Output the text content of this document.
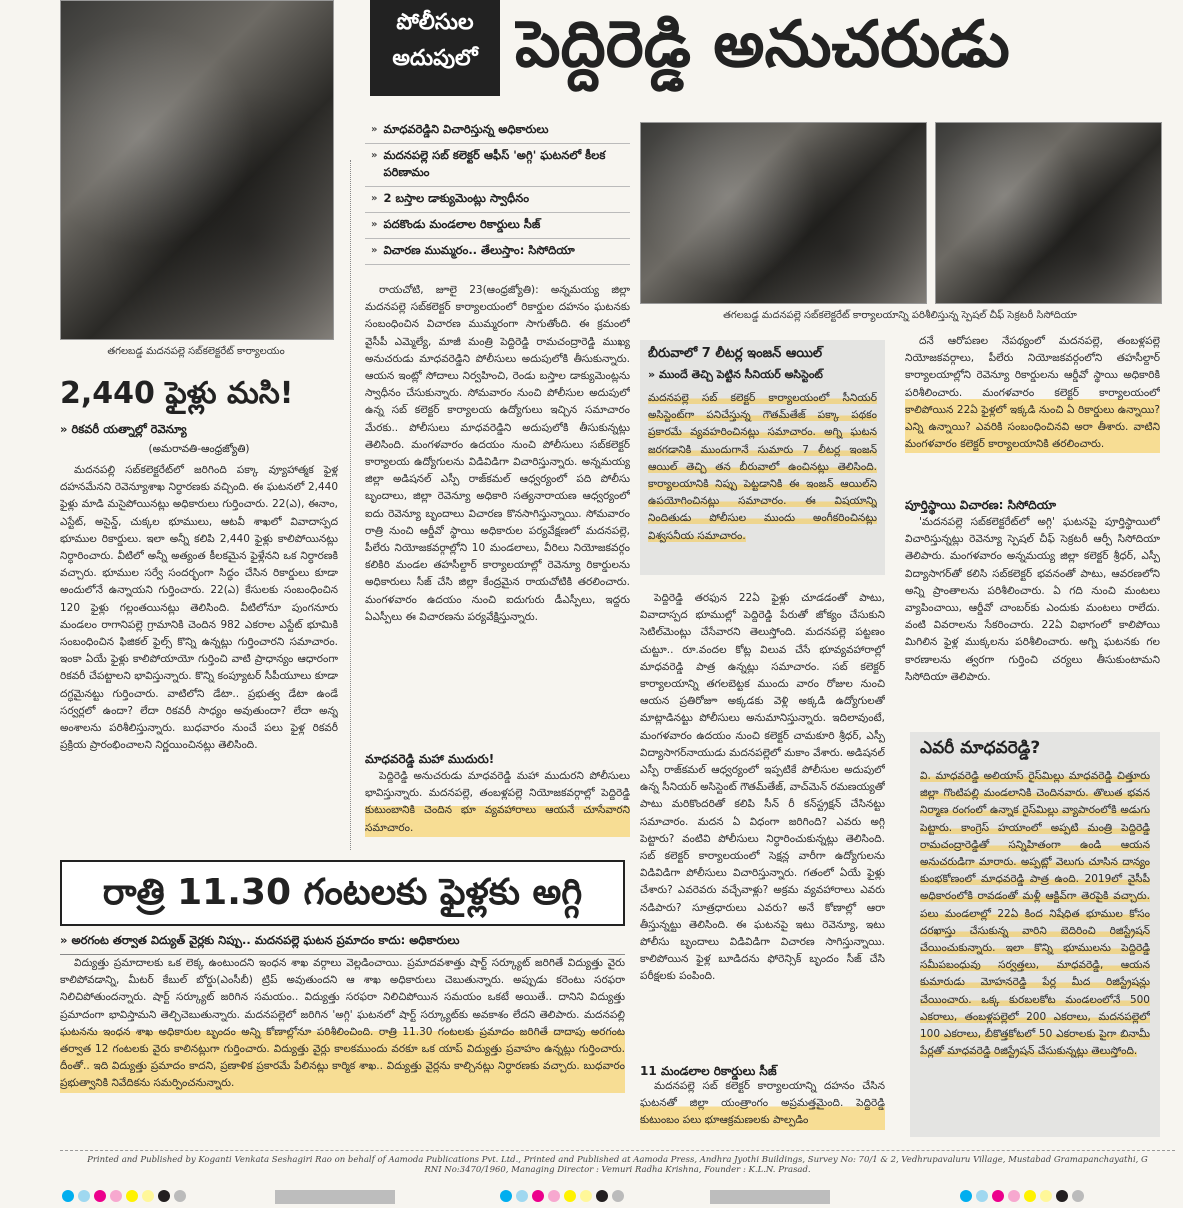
తగలబడ్డ మదనపల్లె సబ్‌కలెక్టరేట్ కార్యాలయం
పోలీసుల
అదుపులో పెద్దిరెడ్డి అనుచరుడు
» మాధవరెడ్డిని విచారిస్తున్న అధికారులు
» మదనపల్లె సబ్ కలెక్టర్ ఆఫీస్ 'అగ్గి' ఘటనలో కీలక పరిణామం
» 2 బస్తాల డాక్యుమెంట్లు స్వాధీనం
» పదకొండు మండలాల రికార్డులు సీజ్
» విచారణ ముమ్మరం.. తేలుస్తాం: సిసోదియా
తగలబడ్డ మదనపల్లె సబ్‌కలెక్టరేట్ కార్యాలయాన్ని పరిశీలిస్తున్న స్పెషల్ చీఫ్ సెక్రటరీ సిసోదియా
2,440 ఫైళ్లు మసి!
» రికవరీ యత్నాల్లో రెవెన్యూ
(అమరావతి-ఆంధ్రజ్యోతి)

మదనపల్లి సబ్‌కలెక్టరేట్‌లో జరిగింది పక్కా వ్యూహాత్మక ఫైళ్ల దహనమేనని రెవెన్యూశాఖ నిర్ధారణకు వచ్చింది. ఈ ఘటనలో 2,440 ఫైళ్లు మాడి మసైపోయినట్లు అధికారులు గుర్తించారు. 22(ఎ), ఈనాం, ఎస్టేట్, అసైన్డ్, చుక్కల భూములు, ఆటవీ శాఖలో వివాదాస్పద భూముల రికార్డులు. ఇలా అన్నీ కలిపి 2,440 ఫైళ్లు కాలిపోయినట్లు నిర్ధారించారు. వీటిలో అన్నీ అత్యంత కీలకమైన ఫైళ్లేనని ఒక నిర్ధారణకి వచ్చారు. భూముల సర్వే సందర్భంగా సిద్ధం చేసిన రికార్డులు కూడా అందులోనే ఉన్నాయని గుర్తించారు. 22(ఎ) కేసులకు సంబంధించిన 120 ఫైళ్లు గల్లంతయినట్లు తెలిసింది. వీటిలోనూ పుంగనూరు మండలం రాగానిపల్లె గ్రామానికి చెందిన 982 ఎకరాల ఎస్టేట్ భూమికి సంబంధించిన ఫిజికల్ ఫైల్స్ కొన్ని ఉన్నట్లు గుర్తించారని సమాచారం. ఇంకా ఏయే ఫైళ్లు కాలిపోయాయో గుర్తించి వాటి ప్రాధాన్యం ఆధారంగా రికవరీ చేపట్టాలని భావిస్తున్నారు. కొన్ని కంప్యూటర్ సీపీయూలు కూడా దగ్ధమైనట్టు గుర్తించారు. వాటిలోని డేటా.. ప్రభుత్వ డేటా ఉండే సర్వర్లలో ఉందా? లేదా రికవరీ సాధ్యం అవుతుందా? లేదా అన్న అంశాలను పరిశీలిస్తున్నారు. బుధవారం నుంచే పలు ఫైళ్ల రికవరీ ప్రక్రియ ప్రారంభించాలని నిర్ణయించినట్లు తెలిసింది.

రాయచోటి, జూలై 23(ఆంధ్రజ్యోతి): అన్నమయ్య జిల్లా మదనపల్లె సబ్‌కలెక్టర్ కార్యాలయంలో రికార్డుల దహనం ఘటనకు సంబంధించిన విచారణ ముమ్మరంగా సాగుతోంది. ఈ క్రమంలో వైసీపీ ఎమ్మెల్యే, మాజీ మంత్రి పెద్దిరెడ్డి రామచంద్రారెడ్డి ముఖ్య అనుచరుడు మాధవరెడ్డిని పోలీసులు అదుపులోకి తీసుకున్నారు. ఆయన ఇంట్లో సోదాలు నిర్వహించి, రెండు బస్తాల డాక్యుమెంట్లను స్వాధీనం చేసుకున్నారు. సోమవారం నుంచి పోలీసుల అదుపులో ఉన్న సబ్ కలెక్టర్ కార్యాలయ ఉద్యోగులు ఇచ్చిన సమాచారం మేరకు.. పోలీసులు మాధవరెడ్డిని అదుపులోకి తీసుకున్నట్లు తెలిసింది. మంగళవారం ఉదయం నుంచి పోలీసులు సబ్‌కలెక్టర్ కార్యాలయ ఉద్యోగులను విడివిడిగా విచారిస్తున్నారు. అన్నమయ్య జిల్లా అడిషనల్ ఎస్పీ రాజ్‌కమల్ ఆధ్వర్యంలో పది పోలీసు బృందాలు, జిల్లా రెవెన్యూ అధికారి సత్యనారాయణ ఆధ్వర్యంలో ఐదు రెవెన్యూ బృందాలు విచారణ కొనసాగిస్తున్నాయి. సోమవారం రాత్రి నుంచి ఆర్డీవో స్థాయి అధికారుల పర్యవేక్షణలో మదనపల్లె, పీలేరు నియోజకవర్గాల్లోని 10 మండలాలు, వీరిలు నియోజకవర్గం కలికిరి మండల తహసీల్దార్ కార్యాలయాల్లో రెవెన్యూ రికార్డులను అధికారులు సీజ్ చేసి జిల్లా కేంద్రమైన రాయచోటికి తరలించారు. మంగళవారం ఉదయం నుంచి ఐదుగురు డీఎస్పీలు, ఇద్దరు ఏఎస్పీలు ఈ విచారణను పర్యవేక్షిస్తున్నారు.

మాధవరెడ్డి మహా ముదురు!

పెద్దిరెడ్డి అనుచరుడు మాధవరెడ్డి మహా ముదురని పోలీసులు భావిస్తున్నారు. మదనపల్లె, తంబళ్లపల్లె నియోజకవర్గాల్లో పెద్దిరెడ్డి కుటుంబానికి చెందిన భూ వ్యవహారాలు ఆయనే చూసేవారని సమాచారం.

బీరువాలో 7 లీటర్ల ఇంజన్ ఆయిల్
» ముందే తెచ్చి పెట్టిన సీనియర్ అసిస్టెంట్
మదనపల్లె సబ్ కలెక్టర్ కార్యాలయంలో సీనియర్ అసిస్టెంట్‌గా పనిచేస్తున్న గౌతమ్‌తేజ్ పక్కా పథకం ప్రకారమే వ్యవహరించినట్లు సమాచారం. అగ్ని ఘటన జరగడానికి ముందుగానే సుమారు 7 లీటర్ల ఇంజన్ ఆయిల్ తెచ్చి తన బీరువాలో ఉంచినట్లు తెలిసింది. కార్యాలయానికి నిప్పు పెట్టడానికి ఈ ఇంజన్ ఆయిల్‌ని ఉపయోగించినట్లు సమాచారం. ఈ విషయాన్ని నిందితుడు పోలీసుల ముందు అంగీకరించినట్లు విశ్వసనీయ సమాచారం.

పెద్దిరెడ్డి తరఫున 22ఏ ఫైళ్లు చూడడంతో పాటు, వివాదాస్పద భూముల్లో పెద్దిరెడ్డి పేరుతో జోక్యం చేసుకుని సెటిల్‌మెంట్లు చేసేవారని తెలుస్తోంది. మదనపల్లె పట్టణం చుట్టూ.. రూ.వందల కోట్ల విలువ చేసే భూవ్యవహారాల్లో మాధవరెడ్డి పాత్ర ఉన్నట్లు సమాచారం. సబ్ కలెక్టర్ కార్యాలయాన్ని తగలబెట్టక ముందు వారం రోజుల నుంచి ఆయన ప్రతిరోజూ అక్కడకు వెళ్లి అక్కడి ఉద్యోగులతో మాట్లాడినట్టు పోలీసులు అనుమానిస్తున్నారు. ఇదిలావుంటే, మంగళవారం ఉదయం నుంచి కలెక్టర్ చామకూరి శ్రీధర్, ఎస్పీ విద్యాసాగర్‌నాయుడు మదనపల్లెలో మకాం వేశారు. అడిషనల్ ఎస్పీ రాజ్‌కమల్ ఆధ్వర్యంలో ఇప్పటికే పోలీసుల అదుపులో ఉన్న సీనియర్ అసిస్టెంట్ గౌతమ్‌తేజ్, వాచ్‌మెన్ రమణయ్యతో పాటు మరికొందరితో కలిపి సీన్ రీ కన్‌స్ట్రక్షన్ చేసినట్టు సమాచారం. మదన ఏ విధంగా జరిగింది? ఎవరు అగ్గి పెట్టారు? వంటివి పోలీసులు నిర్ధారించుకున్నట్లు తెలిసింది. సబ్ కలెక్టర్ కార్యాలయంలో సెక్షన్ల వారీగా ఉద్యోగులను విడివిడిగా పోలీసులు విచారిస్తున్నారు. గతంలో ఏయే ఫైళ్లు చేశారు? ఎవరెవరు వచ్చేవాళ్లు? అక్రమ వ్యవహారాలు ఎవరు నడిపారు? సూత్రధారులు ఎవరు? అనే కోణాల్లో ఆరా తీస్తున్నట్టు తెలిసింది. ఈ ఘటనపై ఇటు రెవెన్యూ, ఇటు పోలీసు బృందాలు విడివిడిగా విచారణ సాగిస్తున్నాయి. కాలిపోయిన ఫైళ్ల బూడిదను ఫోరెన్సిక్ బృందం సీజ్ చేసి పరీక్షలకు పంపింది.

11 మండలాల రికార్డులు సీజ్

మదనపల్లె సబ్ కలెక్టర్ కార్యాలయాన్ని దహనం చేసిన ఘటనతో జిల్లా యంత్రాంగం అప్రమత్తమైంది. పెద్దిరెడ్డి కుటుంబం పలు భూఆక్రమణలకు పాల్పడిం

దనే ఆరోపణల నేపథ్యంలో మదనపల్లె, తంబళ్లపల్లె నియోజకవర్గాలు, పీలేరు నియోజకవర్గంలోని తహసీల్దార్ కార్యాలయాల్లోని రెవెన్యూ రికార్డులను ఆర్డీవో స్థాయి అధికారికి పరిశీలించారు. మంగళవారం కలెక్టర్ కార్యాలయంలో కాలిపోయిన 22ఏ ఫైళ్లలో ఇక్కడి నుంచి ఏ రికార్డులు ఉన్నాయి? ఎన్ని ఉన్నాయి? ఎవరికి సంబంధించినవి అరా తీశారు. వాటిని మంగళవారం కలెక్టర్ కార్యాలయానికి తరలించారు.

పూర్తిస్థాయి విచారణ: సిసోదియా

'మదనపల్లె సబ్‌కలెక్టరేట్‌లో అగ్గి' ఘటనపై పూర్తిస్థాయిలో విచారిస్తున్నట్లు రెవెన్యూ స్పెషల్ చీఫ్ సెక్రటరీ ఆర్పీ సిసోదియా తెలిపారు. మంగళవారం అన్నమయ్య జిల్లా కలెక్టర్ శ్రీధర్, ఎస్పీ విద్యాసాగర్‌తో కలిసి సబ్‌కలెక్టర్ భవనంతో పాటు, ఆవరణలోని అన్ని ప్రాంతాలను పరిశీలించారు. ఏ గది నుంచి మంటలు వ్యాపించాయి, ఆర్డీవో చాంబర్‌కు ఎందుకు మంటలు రాలేదు. వంటి వివరాలను సేకరించారు. 22ఏ విభాగంలో కాలిపోయి మిగిలిన ఫైళ్ల ముక్కలను పరిశీలించారు. అగ్ని ఘటనకు గల కారణాలను త్వరగా గుర్తించి చర్యలు తీసుకుంటామని సిసోదియా తెలిపారు.

ఎవరీ మాధవరెడ్డి?
వి. మాధవరెడ్డి అలియాస్ రైస్‌మిల్లు మాధవరెడ్డి చిత్తూరు జిల్లా గొంటిపల్లి మండలానికి చెందినవారు. తొలుత భవన నిర్మాణ రంగంలో ఉన్నాక రైస్‌మిల్లు వ్యాపారంలోకి అడుగు పెట్టారు. కాంగ్రెస్ హయాంలో అప్పటి మంత్రి పెద్దిరెడ్డి రామచంద్రారెడ్డితో సన్నిహితంగా ఉండి ఆయన అనుచరుడిగా మారారు. అప్పట్లో వెలుగు చూసిన దాన్యం కుంభకోణంలో మాధవరెడ్డి పాత్ర ఉంది. 2019లో వైసీపీ అధికారంలోకి రావడంతో మళ్లీ ఆక్టివ్‌గా తెరపైకి వచ్చారు. పలు మండలాల్లో 22ఏ కింద నిషేధిత భూముల కోసం దరఖాస్తు చేసుకున్న వారిని బెదిరించి రిజిస్ట్రేషన్ చేయించుకున్నారు. ఇలా కొన్ని భూములను పెద్దిరెడ్డి సమీపబంధువు సర్వత్తలు, మాధవరెడ్డి, ఆయన కుమారుడు మోహనరెడ్డి పేర్ల మీద రిజిస్ట్రేషన్లు చేయించారు. ఒక్క కురబలకోట మండలంలోనే 500 ఎకరాలు, తంబళ్లపల్లెలో 200 ఎకరాలు, మదనపల్లెలో 100 ఎకరాలు, బీకొత్తకోటలో 50 ఎకరాలకు పైగా బినామీ పేర్లతో మాధవరెడ్డి రిజిస్ట్రేషన్ చేసుకున్నట్లు తెలుస్తోంది.
రాత్రి 11.30 గంటలకు ఫైళ్లకు అగ్గి
» అరగంట తర్వాత విద్యుత్ వైర్లకు నిప్పు.. మదనపల్లె ఘటన ప్రమాదం కాదు: అధికారులు

విద్యుత్తు ప్రమాదాలకు ఒక లెక్క ఉంటుందని ఇంధన శాఖ వర్గాలు వెల్లడించాయి. ప్రమాదవశాత్తు షార్ట్ సర్క్యూట్ జరిగితే విద్యుత్తు వైరు కాలిపోవడాన్ని, మీటర్ కేబుల్ బోర్డు(ఎంసీబీ) ట్రిప్ అవుతుందని ఆ శాఖ అధికారులు చెబుతున్నారు. అప్పుడు కరెంటు సరఫరా నిలిచిపోతుందన్నారు. షార్ట్ సర్క్యూట్ జరిగిన సమయం.. విద్యుత్తు సరఫరా నిలిచిపోయిన సమయం ఒకటే అయితే.. దానిని విద్యుత్తు ప్రమాదంగా భావిస్తామని తెల్చిచెబుతున్నారు. మదనపల్లెలో జరిగిన 'అగ్గి' ఘటనలో షార్ట్ సర్క్యూట్‌కు అవకాశం లేదని తెలిపారు. మదనపల్లి ఘటనను ఇంధన శాఖ అధికారుల బృందం అన్ని కోణాల్లోనూ పరిశీలించింది. రాత్రి 11.30 గంటలకు ప్రమాదం జరిగితే దాదాపు అరగంట తర్వాత 12 గంటలకు వైరు కాలినట్లుగా గుర్తించారు. విద్యుత్తు వైర్లు కాలకముందు వరకూ ఒక యాప్ విద్యుత్తు ప్రవాహం ఉన్నట్లు గుర్తించారు. దీంతో.. ఇది విద్యుత్తు ప్రమాదం కాదని, ప్రణాళిక ప్రకారమే పేలినట్లు కార్మిక శాఖ.. విద్యుత్తు వైర్లను కాల్చినట్లు నిర్ధారణకు వచ్చారు. బుధవారం ప్రభుత్వానికి నివేదికను సమర్పించనున్నారు.

Printed and Published by Koganti Venkata Seshagiri Rao on behalf of Aamoda Publications Pvt. Ltd., Printed and Published at Aamoda Press, Andhra Jyothi Buildings, Survey No: 70/1 & 2, Vedhrupavaluru Village, Mustabad Gramapanchayathi, G
RNI No:3470/1960, Managing Director : Vemuri Radha Krishna, Founder : K.L.N. Prasad.
